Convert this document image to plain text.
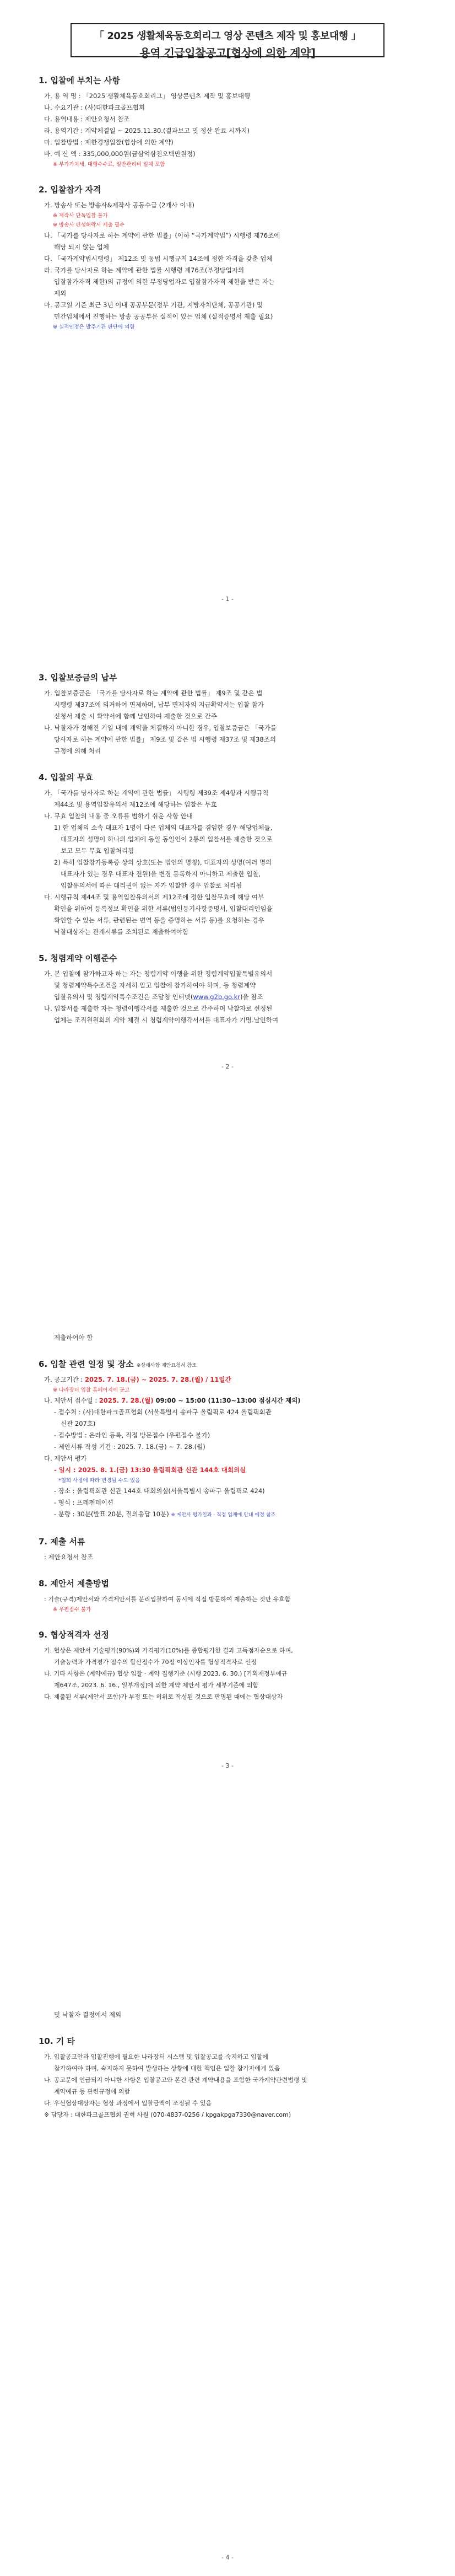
「 2025 생활체육동호회리그 영상 콘텐츠 제작 및 홍보대행 」
용역 긴급입찰공고[협상에 의한 계약]
1. 입찰에 부치는 사항
가. 용 역 명 : 「2025 생활체육동호회리그」 영상콘텐츠 제작 및 홍보대행
나. 수요기관 : (사)대한파크골프협회
다. 용역내용 : 제안요청서 참조
라. 용역기간 : 계약체결일 ~ 2025.11.30.(결과보고 및 정산 완료 시까지)
마. 입찰방법 : 제한경쟁입찰(협상에 의한 계약)
바. 예 산 액 : 335,000,000원(금삼억삼천오백만원정)
※ 부가가치세, 대행수수료, 일반관리비 일체 포함
2. 입찰참가 자격
가. 방송사 또는 방송사&제작사 공동수급 (2개사 이내)
※ 제작사 단독입찰 불가
※ 방송사 편성허락서 제출 필수
나. 「국가를 당사자로 하는 계약에 관한 법률」(이하 “국가계약법”) 시행령 제76조에
해당 되지 않는 업체
다. 「국가계약법시행령」 제12조 및 동법 시행규칙 14조에 정한 자격을 갖춘 업체
라. 국가를 당사자로 하는 계약에 관한 법률 시행령 제76조(부정당업자의
입찰참가자격 제한)의 규정에 의한 부정당업자로 입찰참가자격 제한을 받은 자는
제외
마. 공고일 기준 최근 3년 이내 공공부문(정부 기관, 지방자치단체, 공공기관) 및
민간업체에서 진행하는 방송 공공부문 실적이 있는 업체 (실적증명서 제출 필요)
※ 실적인정은 발주기관 판단에 의함
- 1 -
3. 입찰보증금의 납부
가. 입찰보증금은 「국가를 당사자로 하는 계약에 관한 법률」 제9조 및 같은 법
시행령 제37조에 의거하여 면제하며, 납부 면제자의 지급확약서는 입찰 참가
신청서 제출 시 확약서에 함께 날인하여 제출한 것으로 간주
나. 낙찰자가 정해진 기일 내에 계약을 체결하지 아니한 경우, 입찰보증금은 「국가를
당사자로 하는 계약에 관한 법률」 제9조 및 같은 법 시행령 제37조 및 제38조의
규정에 의해 처리
4. 입찰의 무효
가. 「국가를 당사자로 하는 계약에 관한 법률」 시행령 제39조 제4항과 시행규칙
제44조 및 용역입찰유의서 제12조에 해당하는 입찰은 무효
나. 무효 입찰의 내용 중 오류를 범하기 쉬운 사항 안내
1) 한 업체의 소속 대표자 1명이 다른 업체의 대표자를 겸임한 경우 해당업체들,
대표자의 성명이 하나의 업체에 동일 동일인이 2통의 입찰서를 제출한 것으로
보고 모두 무효 입찰처리됨
2) 특히 입찰참가등록증 상의 상호(또는 법인의 명칭), 대표자의 성명(여러 명의
대표자가 있는 경우 대표자 전원)을 변경 등록하지 아니하고 제출한 입찰,
입찰유의서에 따른 대리권이 없는 자가 입찰한 경우 입찰로 처리됨
다. 시행규칙 제44조 및 용역입찰유의서의 제12조에 정한 입찰무효에 해당 여부
확인을 위하여 등록정보 확인을 위한 서류(법인등기사항증명서, 입찰대리인임을
확인할 수 있는 서류, 관련된는 변역 등을 증명하는 서류 등)를 요청하는 경우
낙찰대상자는 관계서류를 조치된로 제출하여야함
5. 청렴계약 이행준수
가. 본 입찰에 참가하고자 하는 자는 청렴계약 이행을 위한 청렴계약입찰특별유의서
및 청렴계약특수조건을 자세히 알고 입찰에 참가하여야 하며, 동 청렴계약
입찰유의서 및 청렴계약특수조건은 조달청 인터넷(www.g2b.go.kr)을 참조
나. 입찰서를 제출한 자는 청렴이행각서를 제출한 것으로 간주하며 낙찰자로 선정된
업체는 조직원원회의 계약 체결 시 청렴계약이행각서서를 대표자가 기명․날인하여
- 2 -
제출하여야 함
6. 입찰 관련 일정 및 장소 ※상세사항 제안요청서 참조
가. 공고기간 : 2025. 7. 18.(금) ~ 2025. 7. 28.(월) / 11일간
※ 나라장터 입찰 홈페이지에 공고
나. 제안서 접수일 : 2025. 7. 28.(월) 09:00 ~ 15:00 (11:30~13:00 점심시간 제외)
- 접수처 : (사)대한파크골프협회 (서울특별시 송파구 올림픽로 424 올림픽회관
신관 207호)
- 접수방법 : 온라인 등록, 직접 방문접수 (우편접수 불가)
- 제안서류 작성 기간 : 2025. 7. 18.(금) ~ 7. 28.(월)
다. 제안서 평가
- 일시 : 2025. 8. 1.(금) 13:30 올림픽회관 신관 144호 대회의실
*협회 사정에 따라 변경될 수도 있음
- 장소 : 올림픽회관 신관 144호 대회의실(서울특별시 송파구 올림픽로 424)
- 형식 : 프레젠테이션
- 분량 : 30분(발표 20분, 질의응답 10분) ※ 제안사 평가일과 · 직접 업체에 안내 예정 참조
7. 제출 서류
: 제안요청서 참조
8. 제안서 제출방법
: 기술(규격)제안서와 가격제안서를 분리입찰하여 동시에 직접 방문하여 제출하는 것만 유효함
※ 우편접수 불가
9. 협상적격자 선정
가. 협상은 제안서 기술평가(90%)와 가격평가(10%)를 종합평가한 결과 고득점자순으로 하며,
기술능력과 가격평가 점수의 합산점수가 70점 이상인자를 협상적격자로 선정
나. 기타 사항은 (계약예규) 협상 입찰 · 계약 집행기준 (시행 2023. 6. 30.) [기획재정부예규
제647조, 2023. 6. 16., 일부개정]에 의한 계약 제안서 평가 세부기준에 의함
다. 제출된 서류(제안서 포함)가 부정 또는 허위로 작성된 것으로 판명된 때에는 협상대상자
- 3 -
및 낙찰자 결정에서 제외
10. 기 타
가. 입찰공고안과 입찰진행에 필요한 나라장터 시스템 및 입찰공고를 숙지하고 입찰에
참가하여야 하며, 숙지하지 못하여 발생하는 상황에 대한 책임은 입찰 참가자에게 있음
나. 공고문에 언급되지 아니한 사항은 입찰공고와 본건 관련 계약내용을 포함한 국가계약관련법령 및
계약예규 등 관련규정에 의함
다. 우선협상대상자는 협상 과정에서 입찰금액이 조정될 수 있음
※ 담당자 : 대한파크골프협회 권혁 사원 (070-4837-0256 / kpgakpga7330@naver.com)
- 4 -
